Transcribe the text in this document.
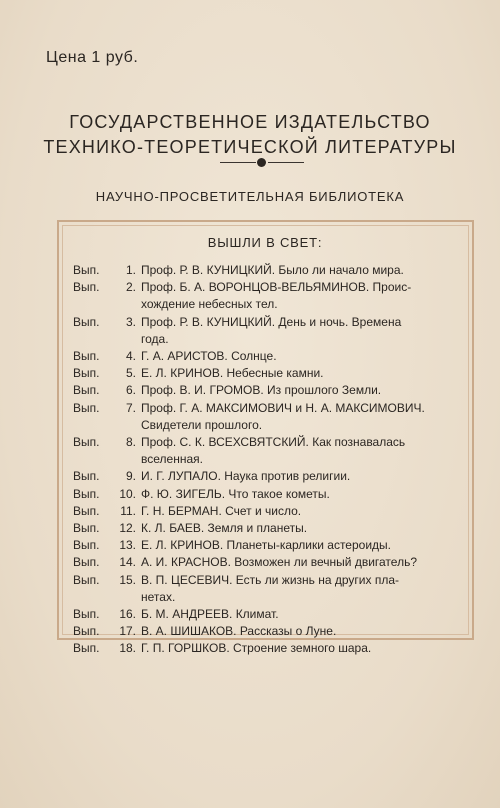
Цена 1 руб.
ГОСУДАРСТВЕННОЕ ИЗДАТЕЛЬСТВО
ТЕХНИКО-ТЕОРЕТИЧЕСКОЙ ЛИТЕРАТУРЫ
НАУЧНО-ПРОСВЕТИТЕЛЬНАЯ БИБЛИОТЕКА
ВЫШЛИ В СВЕТ:
Вып.	1. Проф. Р. В. КУНИЦКИЙ. Было ли начало мира.
Вып.	2. Проф. Б. А. ВОРОНЦОВ-ВЕЛЬЯМИНОВ. Проис-
хождение небесных тел.
Вып.	3. Проф. Р. В. КУНИЦКИЙ. День и ночь. Времена
года.
Вып.	4. Г. А. АРИСТОВ. Солнце.
Вып.	5. Е. Л. КРИНОВ. Небесные камни.
Вып.	6. Проф. В. И. ГРОМОВ. Из прошлого Земли.
Вып.	7. Проф. Г. А. МАКСИМОВИЧ и Н. А. МАКСИМОВИЧ.
Свидетели прошлого.
Вып.	8. Проф. С. К. ВСЕХСВЯТСКИЙ. Как познавалась
вселенная.
Вып.	9. И. Г. ЛУПАЛО. Наука против религии.
Вып.	10. Ф. Ю. ЗИГЕЛЬ. Что такое кометы.
Вып.	11. Г. Н. БЕРМАН. Счет и число.
Вып.	12. К. Л. БАЕВ. Земля и планеты.
Вып.	13. Е. Л. КРИНОВ. Планеты-карлики астероиды.
Вып.	14. А. И. КРАСНОВ. Возможен ли вечный двигатель?
Вып.	15. В. П. ЦЕСЕВИЧ. Есть ли жизнь на других пла-
нетах.
Вып.	16. Б. М. АНДРЕЕВ. Климат.
Вып.	17. В. А. ШИШАКОВ. Рассказы о Луне.
Вып.	18. Г. П. ГОРШКОВ. Строение земного шара.
